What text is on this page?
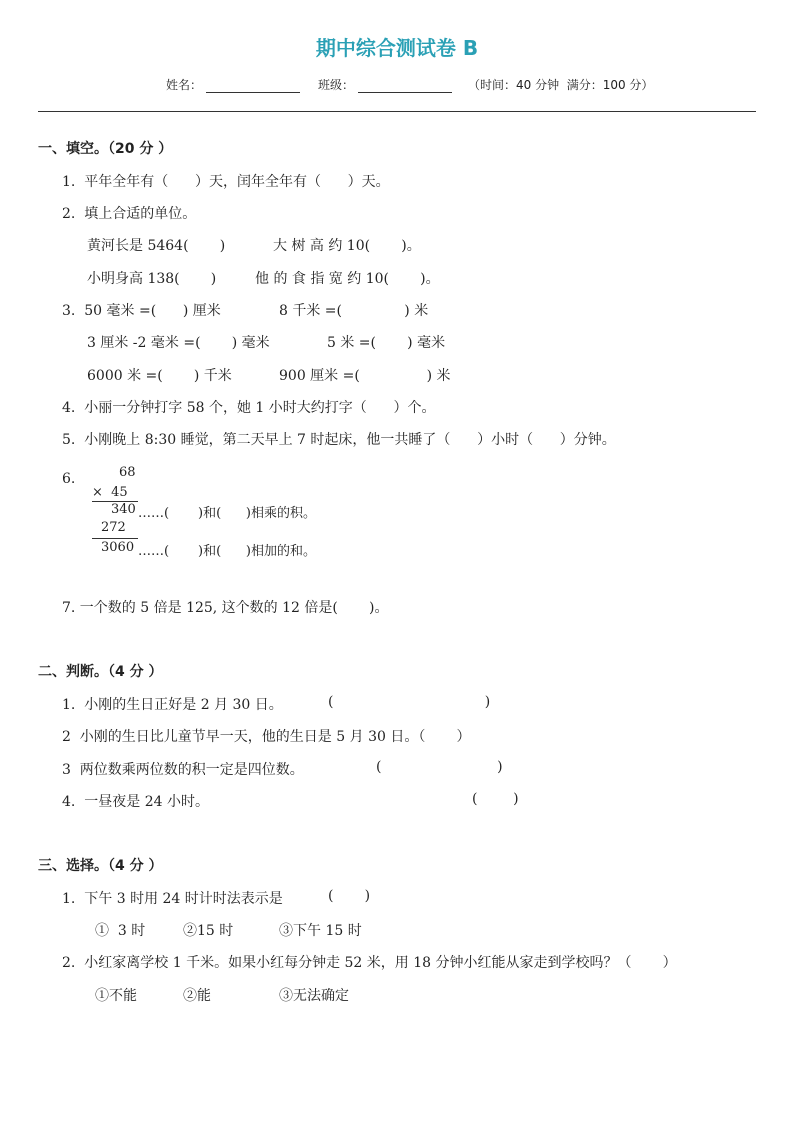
期中综合测试卷 B
姓名：	班级：	（时间：40 分钟  满分：100 分）
一、填空。（20 分 ）
1.  平年全年有（      ）天，闰年全年有（      ）天。
2.  填上合适的单位。
黄河长是 5464(       )	大 树 高 约 10(       )。
小明身高 138(       )	他 的 食 指 宽 约 10(       )。
3.  50 毫米 =(      ) 厘米	8 千米 =(              ) 米
3 厘米 -2 毫米 =(       ) 毫米	5 米 =(       ) 毫米
6000 米 =(       ) 千米	900 厘米 =(               ) 米
4.  小丽一分钟打字 58 个，她 1 小时大约打字（      ）个。
5.  小刚晚上 8:30 睡觉，第二天早上 7 时起床，他一共睡了（      ）小时（      ）分钟。
6.	68
×  45
340 ……(       )和(      )相乘的积。
272
3060 ……(       )和(      )相加的和。
7. 一个数的 5 倍是 125, 这个数的 12 倍是(       )。
二、判断。（4 分 ）
1.  小刚的生日正好是 2 月 30 日。	(                                  )
2  小刚的生日比儿童节早一天，他的生日是 5 月 30 日。（       ）
3  两位数乘两位数的积一定是四位数。	(                          )
4.  一昼夜是 24 小时。	(        )
三、选择。（4 分 ）
1.  下午 3 时用 24 时计时法表示是	(       )
①  3 时	②15 时	③下午 15 时
2.  小红家离学校 1 千米。如果小红每分钟走 52 米，用 18 分钟小红能从家走到学校吗？（       ）
①不能	②能	③无法确定
